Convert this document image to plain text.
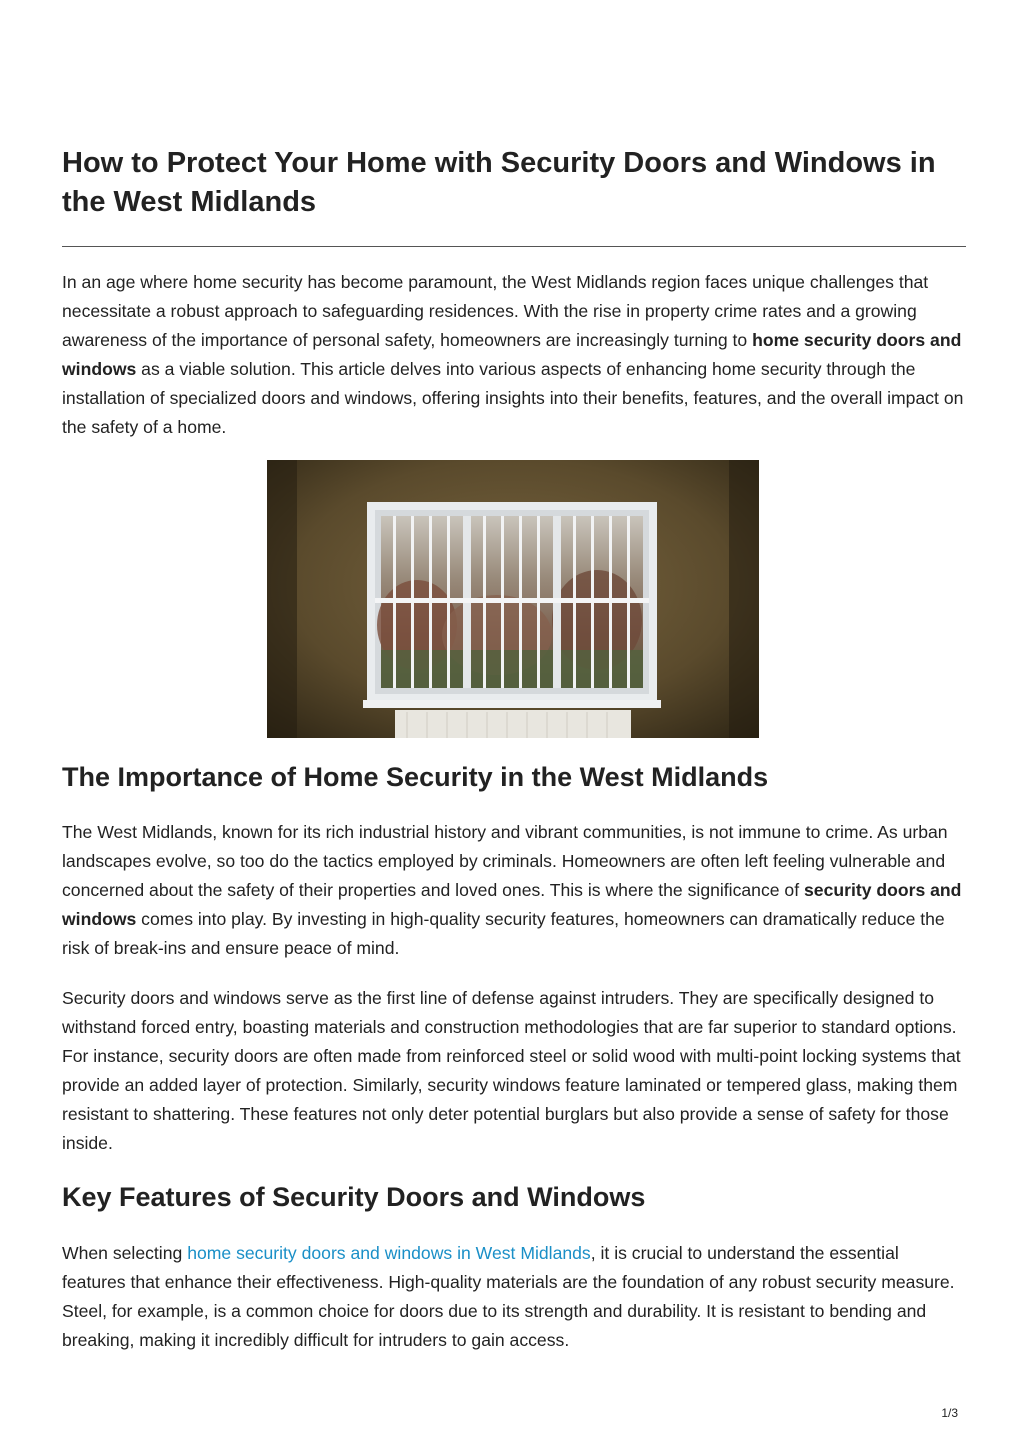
How to Protect Your Home with Security Doors and Windows in the West Midlands

In an age where home security has become paramount, the West Midlands region faces unique challenges that necessitate a robust approach to safeguarding residences. With the rise in property crime rates and a growing awareness of the importance of personal safety, homeowners are increasingly turning to home security doors and windows as a viable solution. This article delves into various aspects of enhancing home security through the installation of specialized doors and windows, offering insights into their benefits, features, and the overall impact on the safety of a home.

The Importance of Home Security in the West Midlands

The West Midlands, known for its rich industrial history and vibrant communities, is not immune to crime. As urban landscapes evolve, so too do the tactics employed by criminals. Homeowners are often left feeling vulnerable and concerned about the safety of their properties and loved ones. This is where the significance of security doors and windows comes into play. By investing in high-quality security features, homeowners can dramatically reduce the risk of break-ins and ensure peace of mind.

Security doors and windows serve as the first line of defense against intruders. They are specifically designed to withstand forced entry, boasting materials and construction methodologies that are far superior to standard options. For instance, security doors are often made from reinforced steel or solid wood with multi-point locking systems that provide an added layer of protection. Similarly, security windows feature laminated or tempered glass, making them resistant to shattering. These features not only deter potential burglars but also provide a sense of safety for those inside.

Key Features of Security Doors and Windows

When selecting home security doors and windows in West Midlands, it is crucial to understand the essential features that enhance their effectiveness. High-quality materials are the foundation of any robust security measure. Steel, for example, is a common choice for doors due to its strength and durability. It is resistant to bending and breaking, making it incredibly difficult for intruders to gain access.

1/3
